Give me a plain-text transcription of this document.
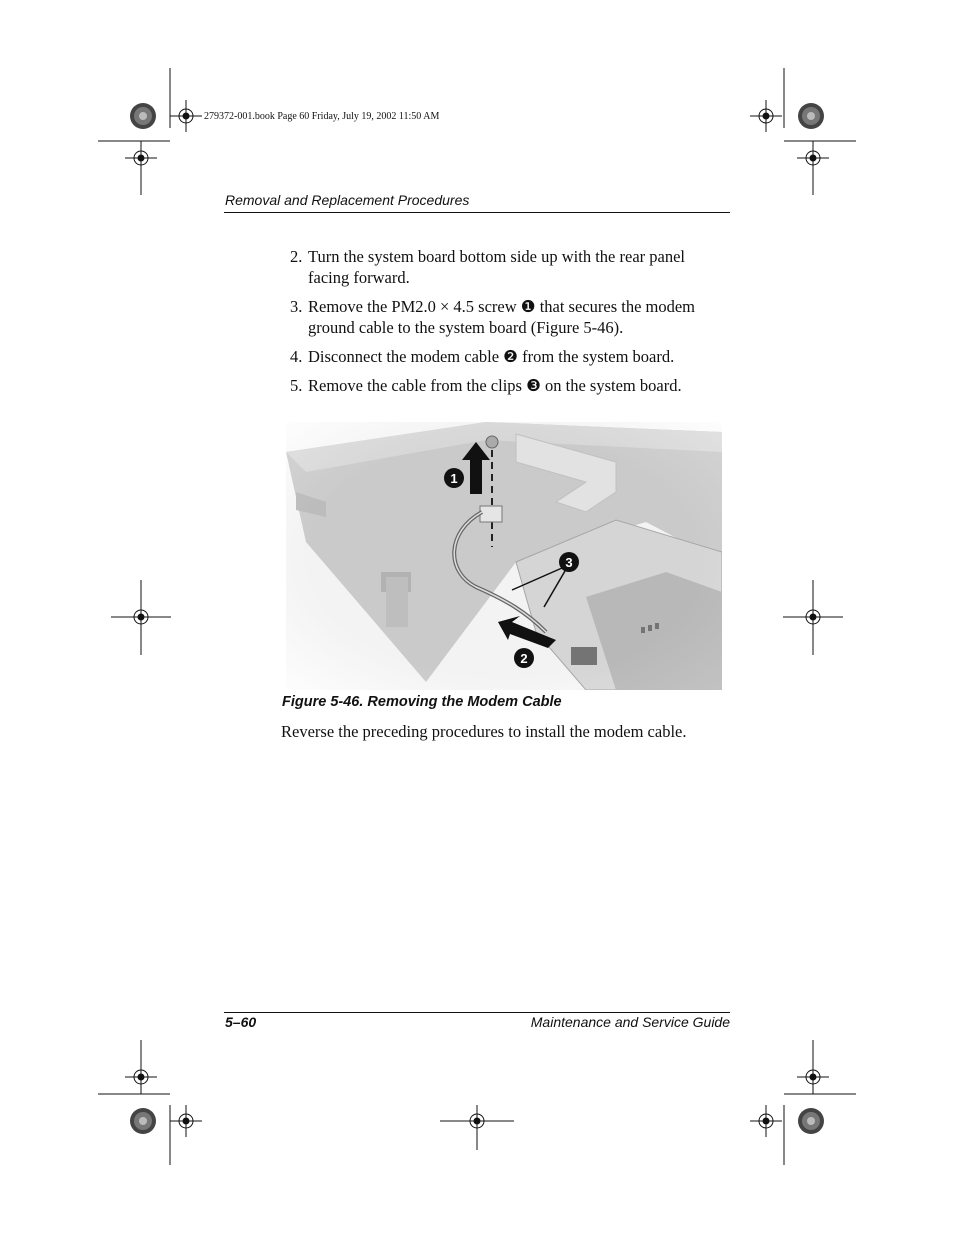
279372-001.book Page 60 Friday, July 19, 2002 11:50 AM
Removal and Replacement Procedures
2. Turn the system board bottom side up with the rear panel facing forward.
3. Remove the PM2.0 × 4.5 screw ❶ that secures the modem ground cable to the system board (Figure 5-46).
4. Disconnect the modem cable ❷ from the system board.
5. Remove the cable from the clips ❸ on the system board.
1
3
2
Figure 5-46. Removing the Modem Cable
Reverse the preceding procedures to install the modem cable.
5–60	Maintenance and Service Guide
